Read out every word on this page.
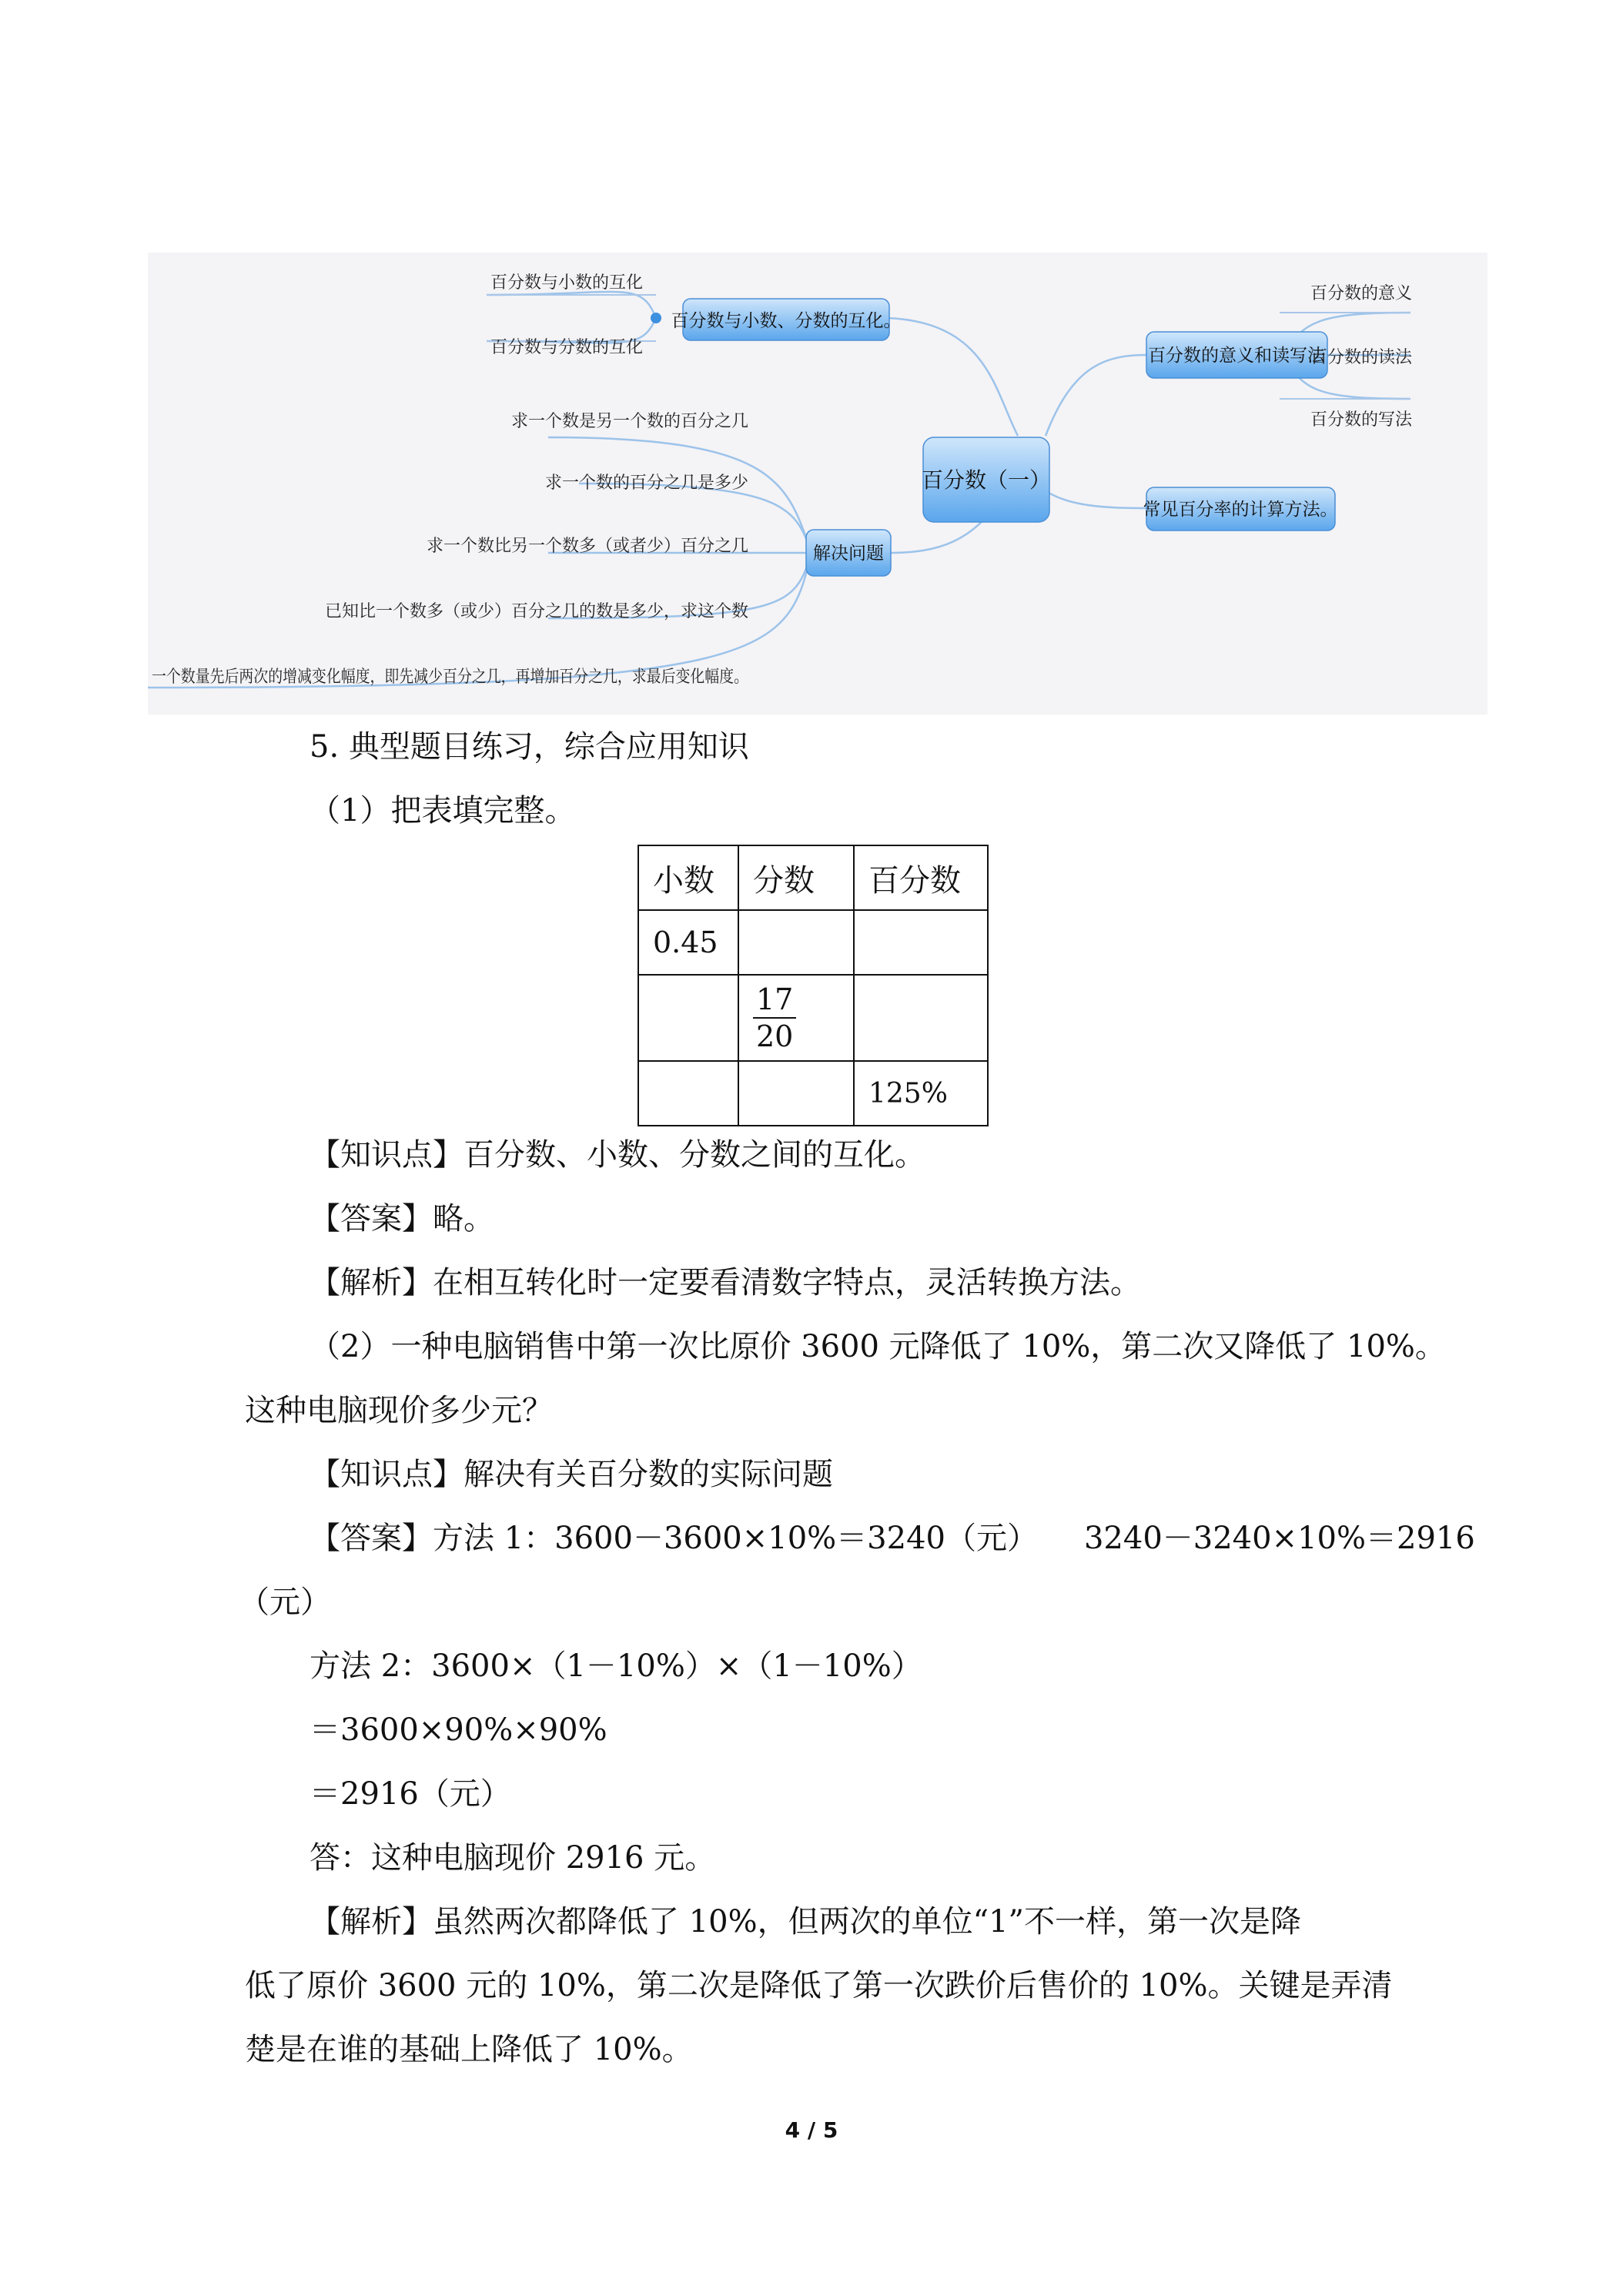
百分数与小数、分数的互化。
百分数的意义和读写法
常见百分率的计算方法。
解决问题
百分数（一）
百分数与小数的互化
百分数与分数的互化
百分数的意义
百分数的读法
百分数的写法
求一个数是另一个数的百分之几
求一个数的百分之几是多少
求一个数比另一个数多（或者少）百分之几
已知比一个数多（或少）百分之几的数是多少，求这个数
一个数量先后两次的增减变化幅度，即先减少百分之几，再增加百分之几，求最后变化幅度。

5. 典型题目练习，综合应用知识

（1）把表填完整。

小数	分数	百分数
0.45		

	$\frac{17}{20}$

		125%

【知识点】百分数、小数、分数之间的互化。

【答案】略。

【解析】在相互转化时一定要看清数字特点，灵活转换方法。

（2）一种电脑销售中第一次比原价 3600 元降低了 10%，第二次又降低了 10%。

这种电脑现价多少元？

【知识点】解决有关百分数的实际问题

【答案】方法 1：3600－3600×10%＝3240（元）　　3240－3240×10%＝2916

（元）

方法 2：3600×（1－10%）×（1－10%）

＝3600×90%×90%

＝2916（元）

答：这种电脑现价 2916 元。

【解析】虽然两次都降低了 10%，但两次的单位“1”不一样，第一次是降

低了原价 3600 元的 10%，第二次是降低了第一次跌价后售价的 10%。关键是弄清

楚是在谁的基础上降低了 10%。

4 / 5
